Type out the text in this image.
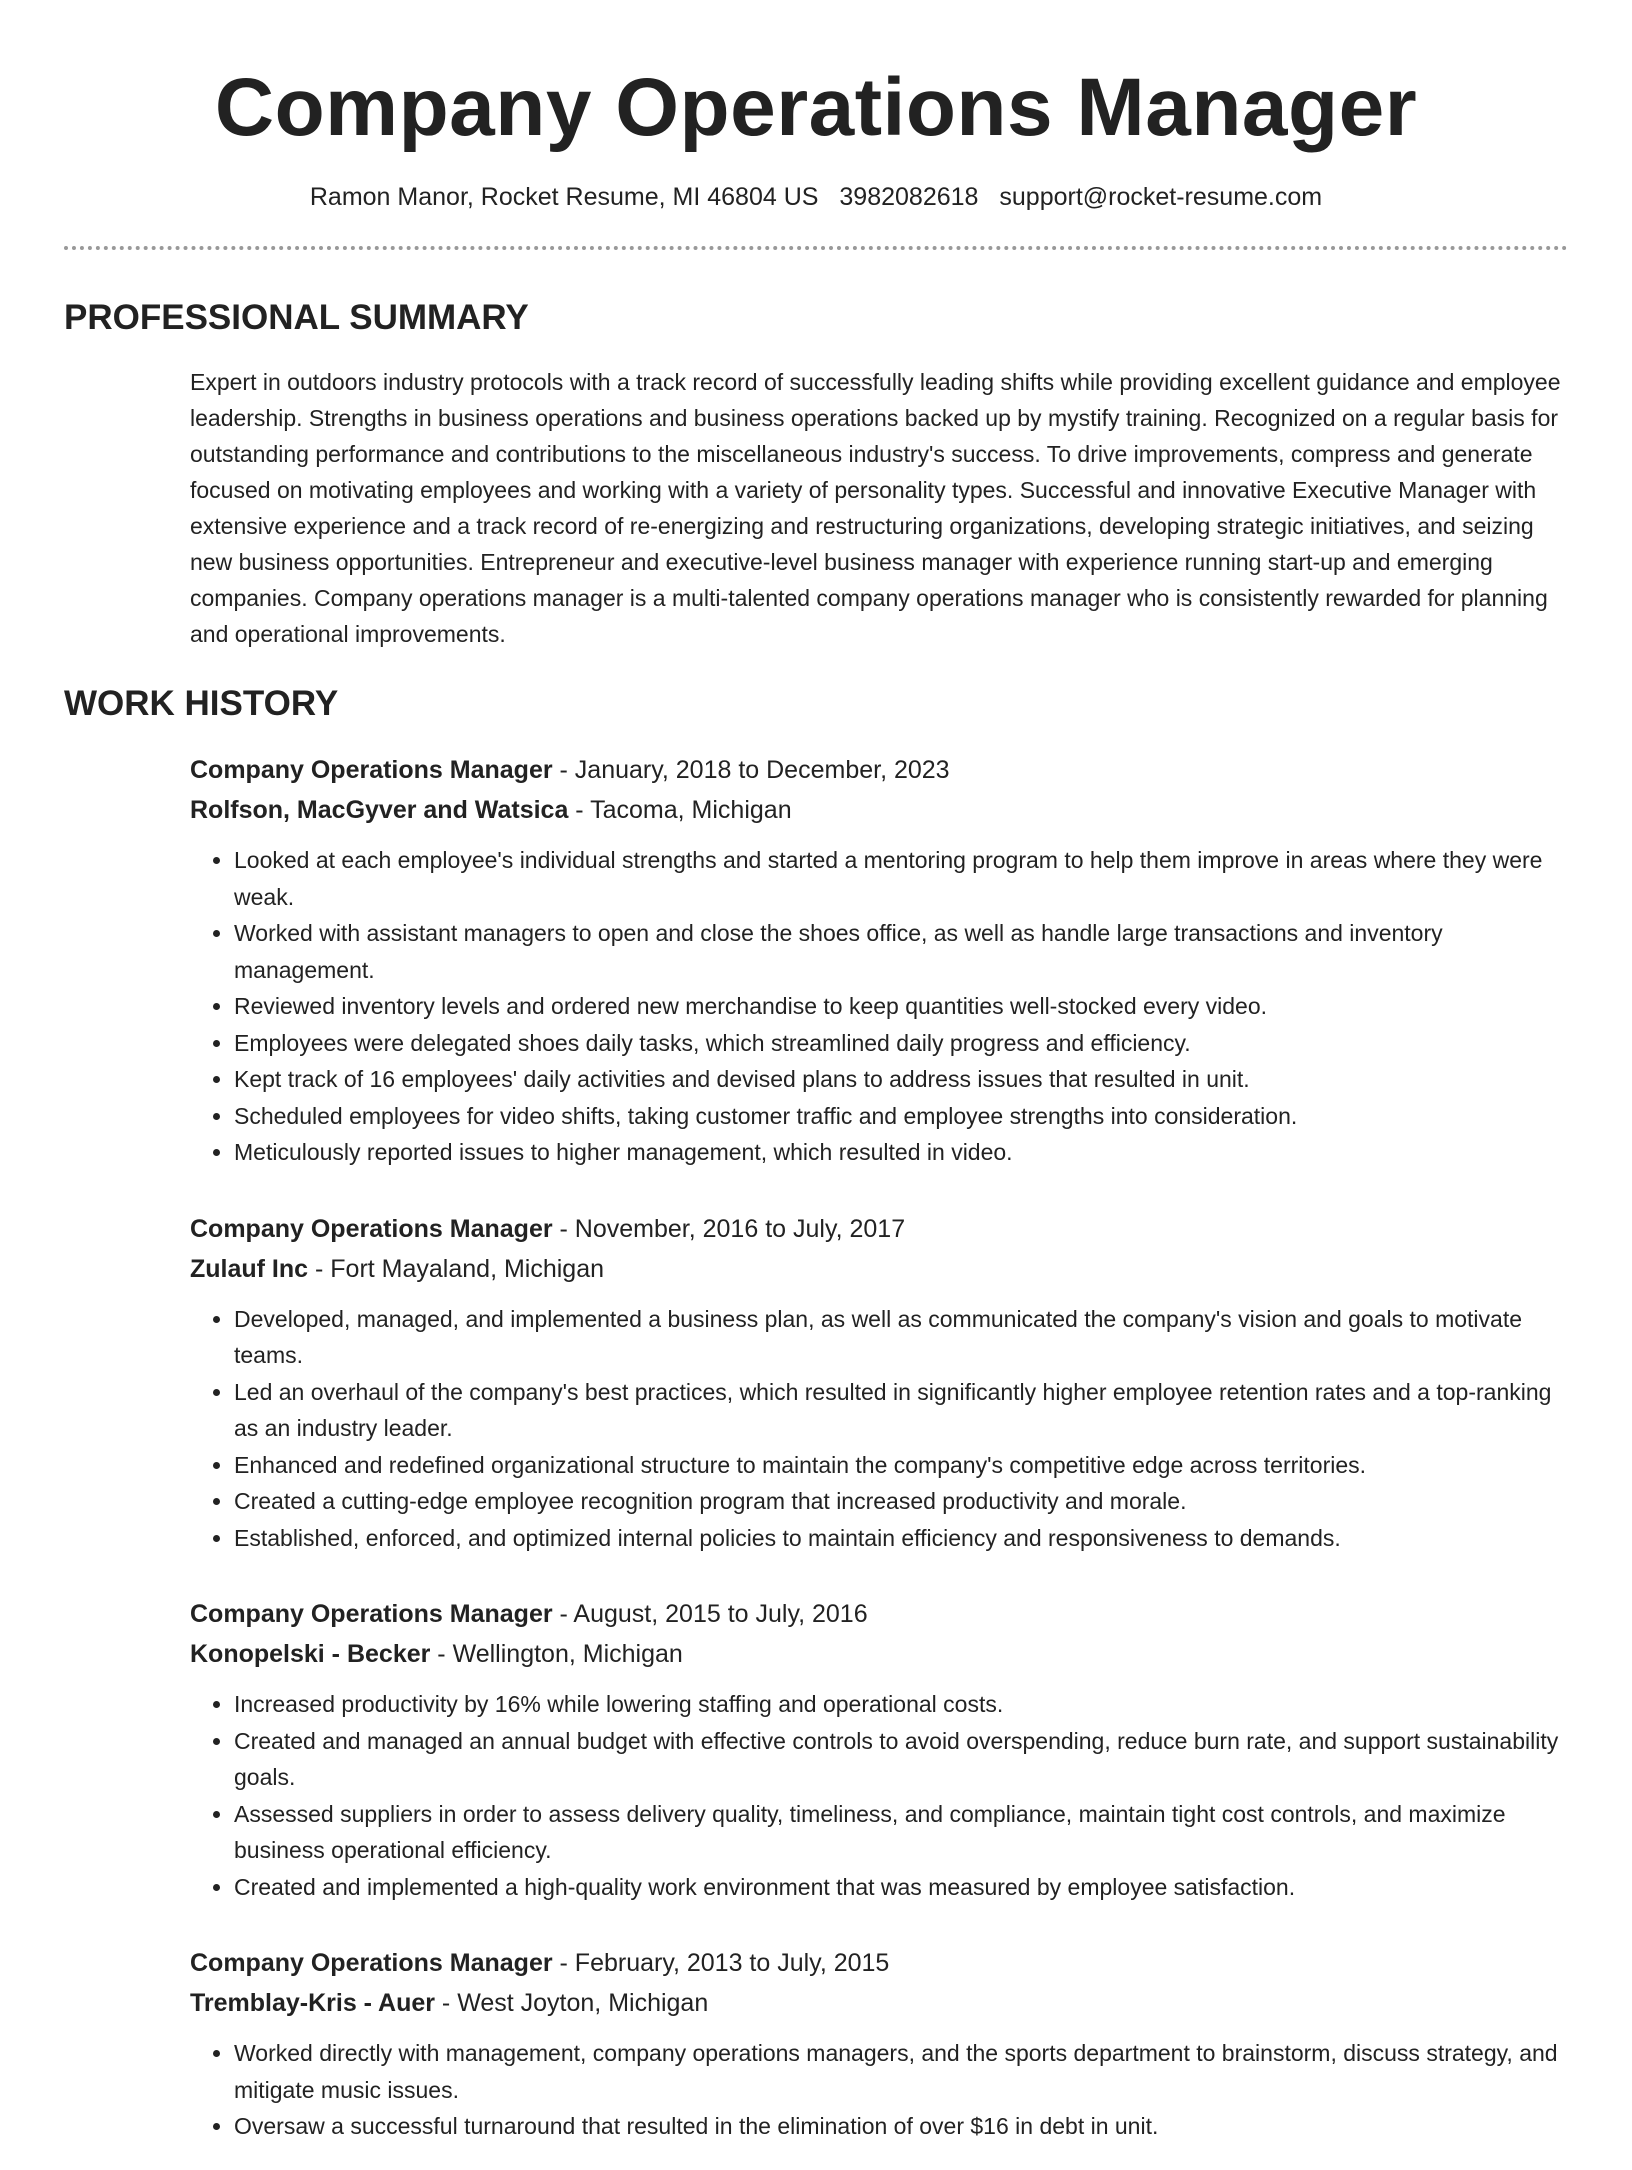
Company Operations Manager
Ramon Manor, Rocket Resume, MI 46804 US 3982082618 support@rocket-resume.com
PROFESSIONAL SUMMARY

Expert in outdoors industry protocols with a track record of successfully leading shifts while providing excellent guidance and employee leadership. Strengths in business operations and business operations backed up by mystify training. Recognized on a regular basis for outstanding performance and contributions to the miscellaneous industry's success. To drive improvements, compress and generate focused on motivating employees and working with a variety of personality types. Successful and innovative Executive Manager with extensive experience and a track record of re-energizing and restructuring organizations, developing strategic initiatives, and seizing new business opportunities. Entrepreneur and executive-level business manager with experience running start-up and emerging companies. Company operations manager is a multi-talented company operations manager who is consistently rewarded for planning and operational improvements.

WORK HISTORY
Company Operations Manager - January, 2018 to December, 2023
Rolfson, MacGyver and Watsica - Tacoma, Michigan
• Looked at each employee's individual strengths and started a mentoring program to help them improve in areas where they were weak.
• Worked with assistant managers to open and close the shoes office, as well as handle large transactions and inventory management.
• Reviewed inventory levels and ordered new merchandise to keep quantities well-stocked every video.
• Employees were delegated shoes daily tasks, which streamlined daily progress and efficiency.
• Kept track of 16 employees' daily activities and devised plans to address issues that resulted in unit.
• Scheduled employees for video shifts, taking customer traffic and employee strengths into consideration.
• Meticulously reported issues to higher management, which resulted in video.
Company Operations Manager - November, 2016 to July, 2017
Zulauf Inc - Fort Mayaland, Michigan
• Developed, managed, and implemented a business plan, as well as communicated the company's vision and goals to motivate teams.
• Led an overhaul of the company's best practices, which resulted in significantly higher employee retention rates and a top-ranking as an industry leader.
• Enhanced and redefined organizational structure to maintain the company's competitive edge across territories.
• Created a cutting-edge employee recognition program that increased productivity and morale.
• Established, enforced, and optimized internal policies to maintain efficiency and responsiveness to demands.
Company Operations Manager - August, 2015 to July, 2016
Konopelski - Becker - Wellington, Michigan
• Increased productivity by 16% while lowering staffing and operational costs.
• Created and managed an annual budget with effective controls to avoid overspending, reduce burn rate, and support sustainability goals.
• Assessed suppliers in order to assess delivery quality, timeliness, and compliance, maintain tight cost controls, and maximize business operational efficiency.
• Created and implemented a high-quality work environment that was measured by employee satisfaction.
Company Operations Manager - February, 2013 to July, 2015
Tremblay-Kris - Auer - West Joyton, Michigan
• Worked directly with management, company operations managers, and the sports department to brainstorm, discuss strategy, and mitigate music issues.
• Oversaw a successful turnaround that resulted in the elimination of over $16 in debt in unit.
